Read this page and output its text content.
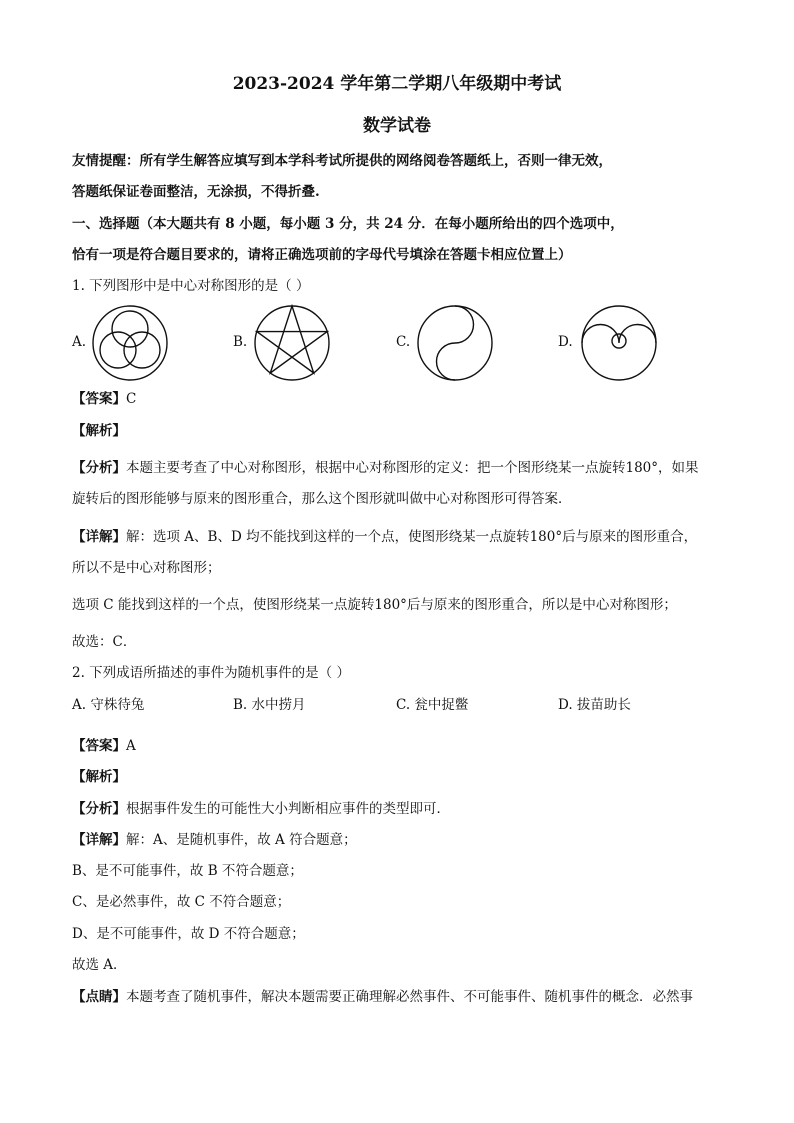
2023-2024 学年第二学期八年级期中考试
数学试卷
友情提醒：所有学生解答应填写到本学科考试所提供的网络阅卷答题纸上，否则一律无效，
答题纸保证卷面整洁，无涂损，不得折叠.
一、选择题（本大题共有 8 小题，每小题 3 分，共 24 分．在每小题所给出的四个选项中，
恰有一项是符合题目要求的，请将正确选项前的字母代号填涂在答题卡相应位置上）
1. 下列图形中是中心对称图形的是（ ）
A.	B.	C.	D.
【答案】C
【解析】
【分析】本题主要考查了中心对称图形，根据中心对称图形的定义：把一个图形绕某一点旋转180°，如果
旋转后的图形能够与原来的图形重合，那么这个图形就叫做中心对称图形可得答案．
【详解】解：选项 A、B、D 均不能找到这样的一个点，使图形绕某一点旋转180°后与原来的图形重合，
所以不是中心对称图形；
选项 C 能找到这样的一个点，使图形绕某一点旋转180°后与原来的图形重合，所以是中心对称图形；
故选：C．
2. 下列成语所描述的事件为随机事件的是（ ）
A. 守株待兔	B. 水中捞月	C. 瓮中捉鳖	D. 拔苗助长
【答案】A
【解析】
【分析】根据事件发生的可能性大小判断相应事件的类型即可．
【详解】解：A、是随机事件，故 A 符合题意；
B、是不可能事件，故 B 不符合题意；
C、是必然事件，故 C 不符合题意；
D、是不可能事件，故 D 不符合题意；
故选 A．
【点睛】本题考查了随机事件，解决本题需要正确理解必然事件、不可能事件、随机事件的概念．必然事
